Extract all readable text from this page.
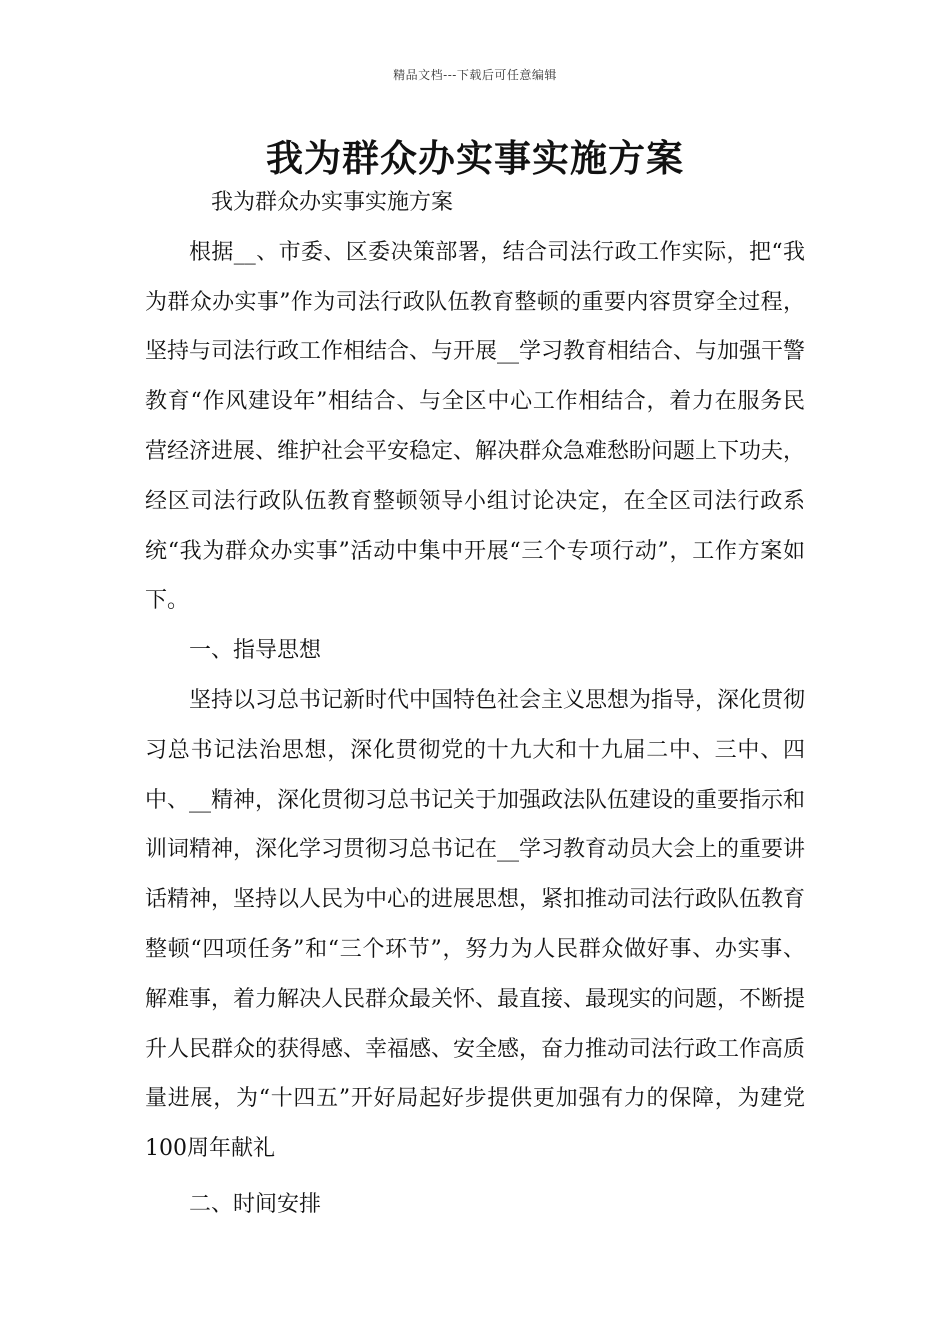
精品文档---下载后可任意编辑
我为群众办实事实施方案

我为群众办实事实施方案

根据__、市委、区委决策部署，结合司法行政工作实际，把“我为群众办实事”作为司法行政队伍教育整顿的重要内容贯穿全过程，坚持与司法行政工作相结合、与开展__学习教育相结合、与加强干警教育“作风建设年”相结合、与全区中心工作相结合，着力在服务民营经济进展、维护社会平安稳定、解决群众急难愁盼问题上下功夫，经区司法行政队伍教育整顿领导小组讨论决定，在全区司法行政系统“我为群众办实事”活动中集中开展“三个专项行动”，工作方案如下。

一、指导思想

坚持以习总书记新时代中国特色社会主义思想为指导，深化贯彻习总书记法治思想，深化贯彻党的十九大和十九届二中、三中、四中、__精神，深化贯彻习总书记关于加强政法队伍建设的重要指示和训词精神，深化学习贯彻习总书记在__学习教育动员大会上的重要讲话精神，坚持以人民为中心的进展思想，紧扣推动司法行政队伍教育整顿“四项任务”和“三个环节”，努力为人民群众做好事、办实事、解难事，着力解决人民群众最关怀、最直接、最现实的问题，不断提升人民群众的获得感、幸福感、安全感，奋力推动司法行政工作高质量进展，为“十四五”开好局起好步提供更加强有力的保障，为建党100周年献礼

二、时间安排
